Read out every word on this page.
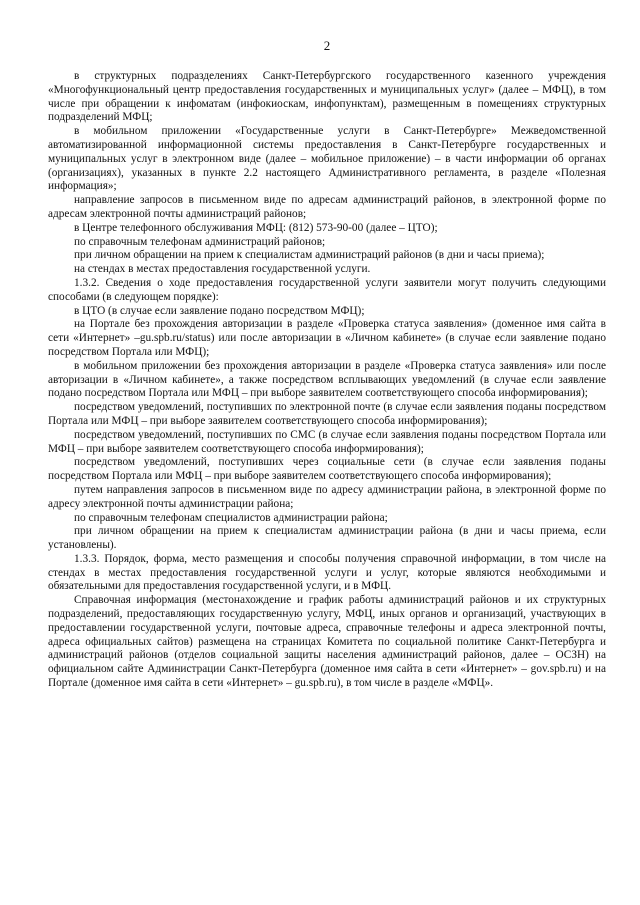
2

в структурных подразделениях Санкт-Петербургского государственного казенного учреждения «Многофункциональный центр предоставления государственных и муниципальных услуг» (далее – МФЦ), в том числе при обращении к инфоматам (инфокиоскам, инфопунктам), размещенным в помещениях структурных подразделений МФЦ;

в мобильном приложении «Государственные услуги в Санкт-Петербурге» Межведомственной автоматизированной информационной системы предоставления в Санкт-Петербурге государственных и муниципальных услуг в электронном виде (далее – мобильное приложение) – в части информации об органах (организациях), указанных в пункте 2.2 настоящего Административного регламента, в разделе «Полезная информация»;

направление запросов в письменном виде по адресам администраций районов, в электронной форме по адресам электронной почты администраций районов;

в Центре телефонного обслуживания МФЦ: (812) 573-90-00 (далее – ЦТО);

по справочным телефонам администраций районов;

при личном обращении на прием к специалистам администраций районов (в дни и часы приема);

на стендах в местах предоставления государственной услуги.

1.3.2. Сведения о ходе предоставления государственной услуги заявители могут получить следующими способами (в следующем порядке):

в ЦТО (в случае если заявление подано посредством МФЦ);

на Портале без прохождения авторизации в разделе «Проверка статуса заявления» (доменное имя сайта в сети «Интернет» –gu.spb.ru/status) или после авторизации в «Личном кабинете» (в случае если заявление подано посредством Портала или МФЦ);

в мобильном приложении без прохождения авторизации в разделе «Проверка статуса заявления» или после авторизации в «Личном кабинете», а также посредством всплывающих уведомлений (в случае если заявление подано посредством Портала или МФЦ – при выборе заявителем соответствующего способа информирования);

посредством уведомлений, поступивших по электронной почте (в случае если заявления поданы посредством Портала или МФЦ – при выборе заявителем соответствующего способа информирования);

посредством уведомлений, поступивших по СМС (в случае если заявления поданы посредством Портала или МФЦ – при выборе заявителем соответствующего способа информирования);

посредством уведомлений, поступивших через социальные сети (в случае если заявления поданы посредством Портала или МФЦ – при выборе заявителем соответствующего способа информирования);

путем направления запросов в письменном виде по адресу администрации района, в электронной форме по адресу электронной почты администрации района;

по справочным телефонам специалистов администрации района;

при личном обращении на прием к специалистам администрации района (в дни и часы приема, если установлены).

1.3.3. Порядок, форма, место размещения и способы получения справочной информации, в том числе на стендах в местах предоставления государственной услуги и услуг, которые являются необходимыми и обязательными для предоставления государственной услуги, и в МФЦ.

Справочная информация (местонахождение и график работы администраций районов и их структурных подразделений, предоставляющих государственную услугу, МФЦ, иных органов и организаций, участвующих в предоставлении государственной услуги, почтовые адреса, справочные телефоны и адреса электронной почты, адреса официальных сайтов) размещена на страницах Комитета по социальной политике Санкт-Петербурга и администраций районов (отделов социальной защиты населения администраций районов, далее – ОСЗН) на официальном сайте Администрации Санкт-Петербурга (доменное имя сайта в сети «Интернет» – gov.spb.ru) и на Портале (доменное имя сайта в сети «Интернет» – gu.spb.ru), в том числе в разделе «МФЦ».
